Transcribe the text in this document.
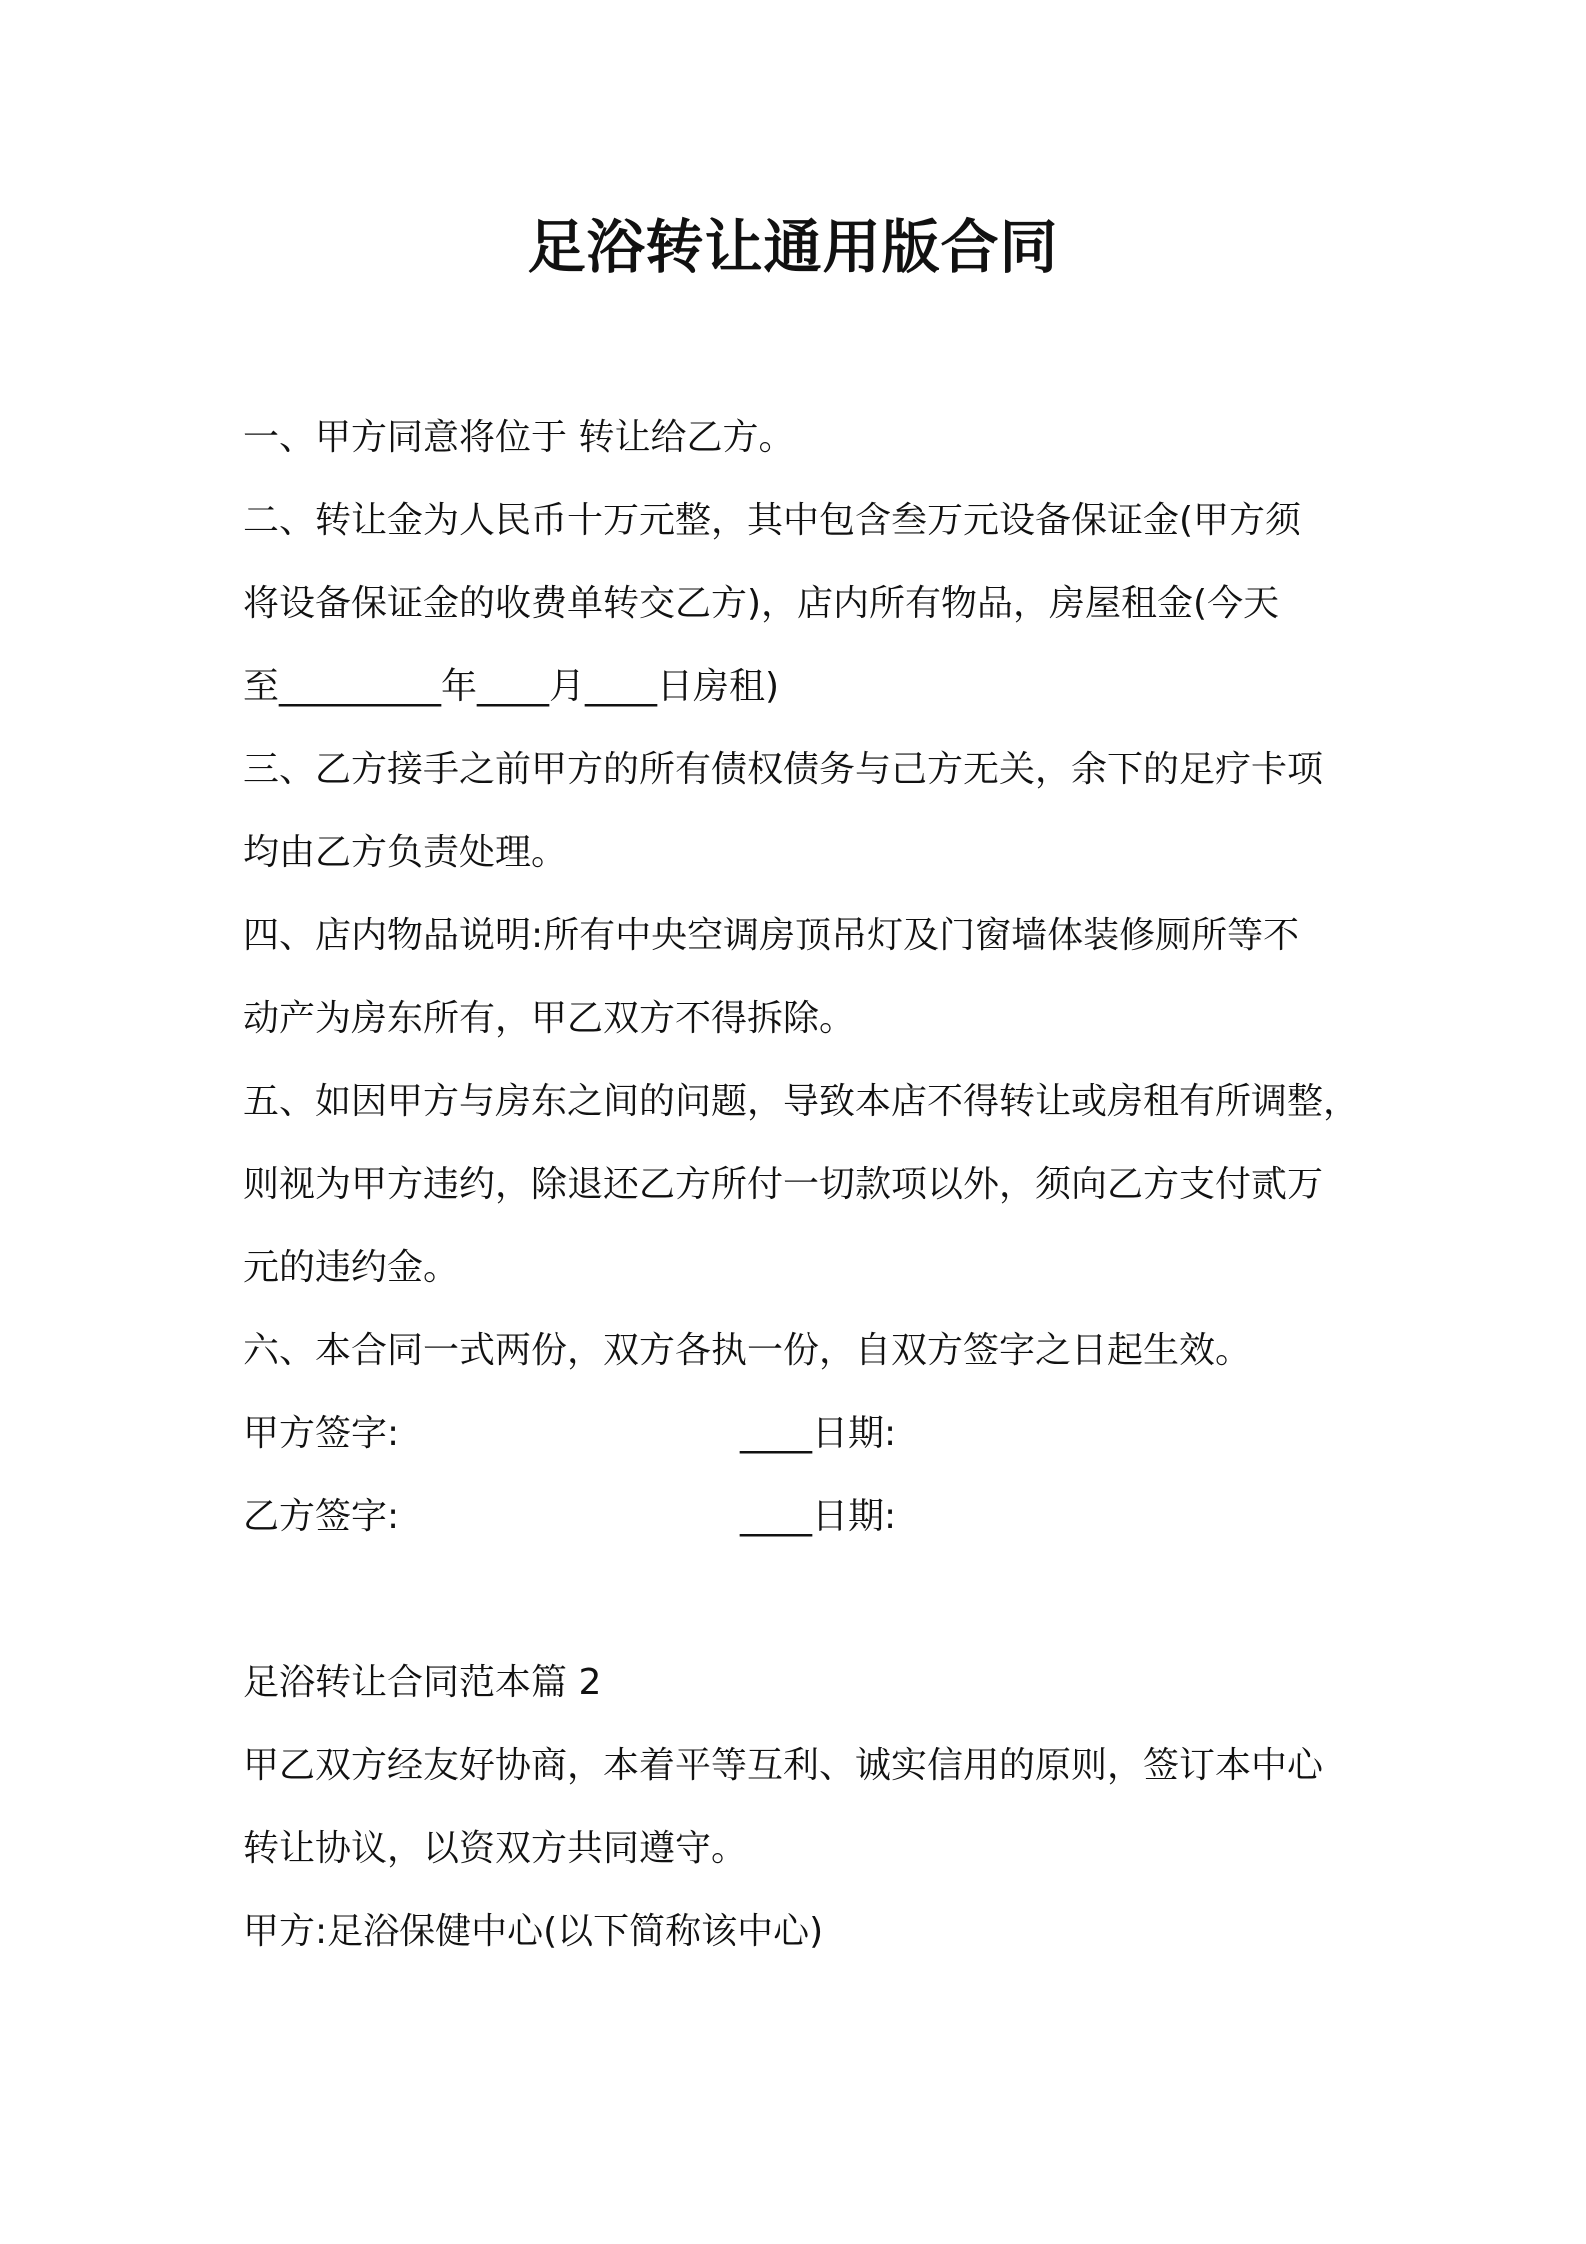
足浴转让通用版合同
一、甲方同意将位于 转让给乙方。
二、转让金为人民币十万元整，其中包含叁万元设备保证金(甲方须
将设备保证金的收费单转交乙方)，店内所有物品，房屋租金(今天
至_________年____月____日房租)
三、乙方接手之前甲方的所有债权债务与己方无关，余下的足疗卡项
均由乙方负责处理。
四、店内物品说明:所有中央空调房顶吊灯及门窗墙体装修厕所等不
动产为房东所有，甲乙双方不得拆除。
五、如因甲方与房东之间的问题，导致本店不得转让或房租有所调整，
则视为甲方违约，除退还乙方所付一切款项以外，须向乙方支付贰万
元的违约金。
六、本合同一式两份，双方各执一份，自双方签字之日起生效。
甲方签字:	____日期:
乙方签字:	____日期:
足浴转让合同范本篇 2
甲乙双方经友好协商，本着平等互利、诚实信用的原则，签订本中心
转让协议，以资双方共同遵守。
甲方:足浴保健中心(以下简称该中心)
